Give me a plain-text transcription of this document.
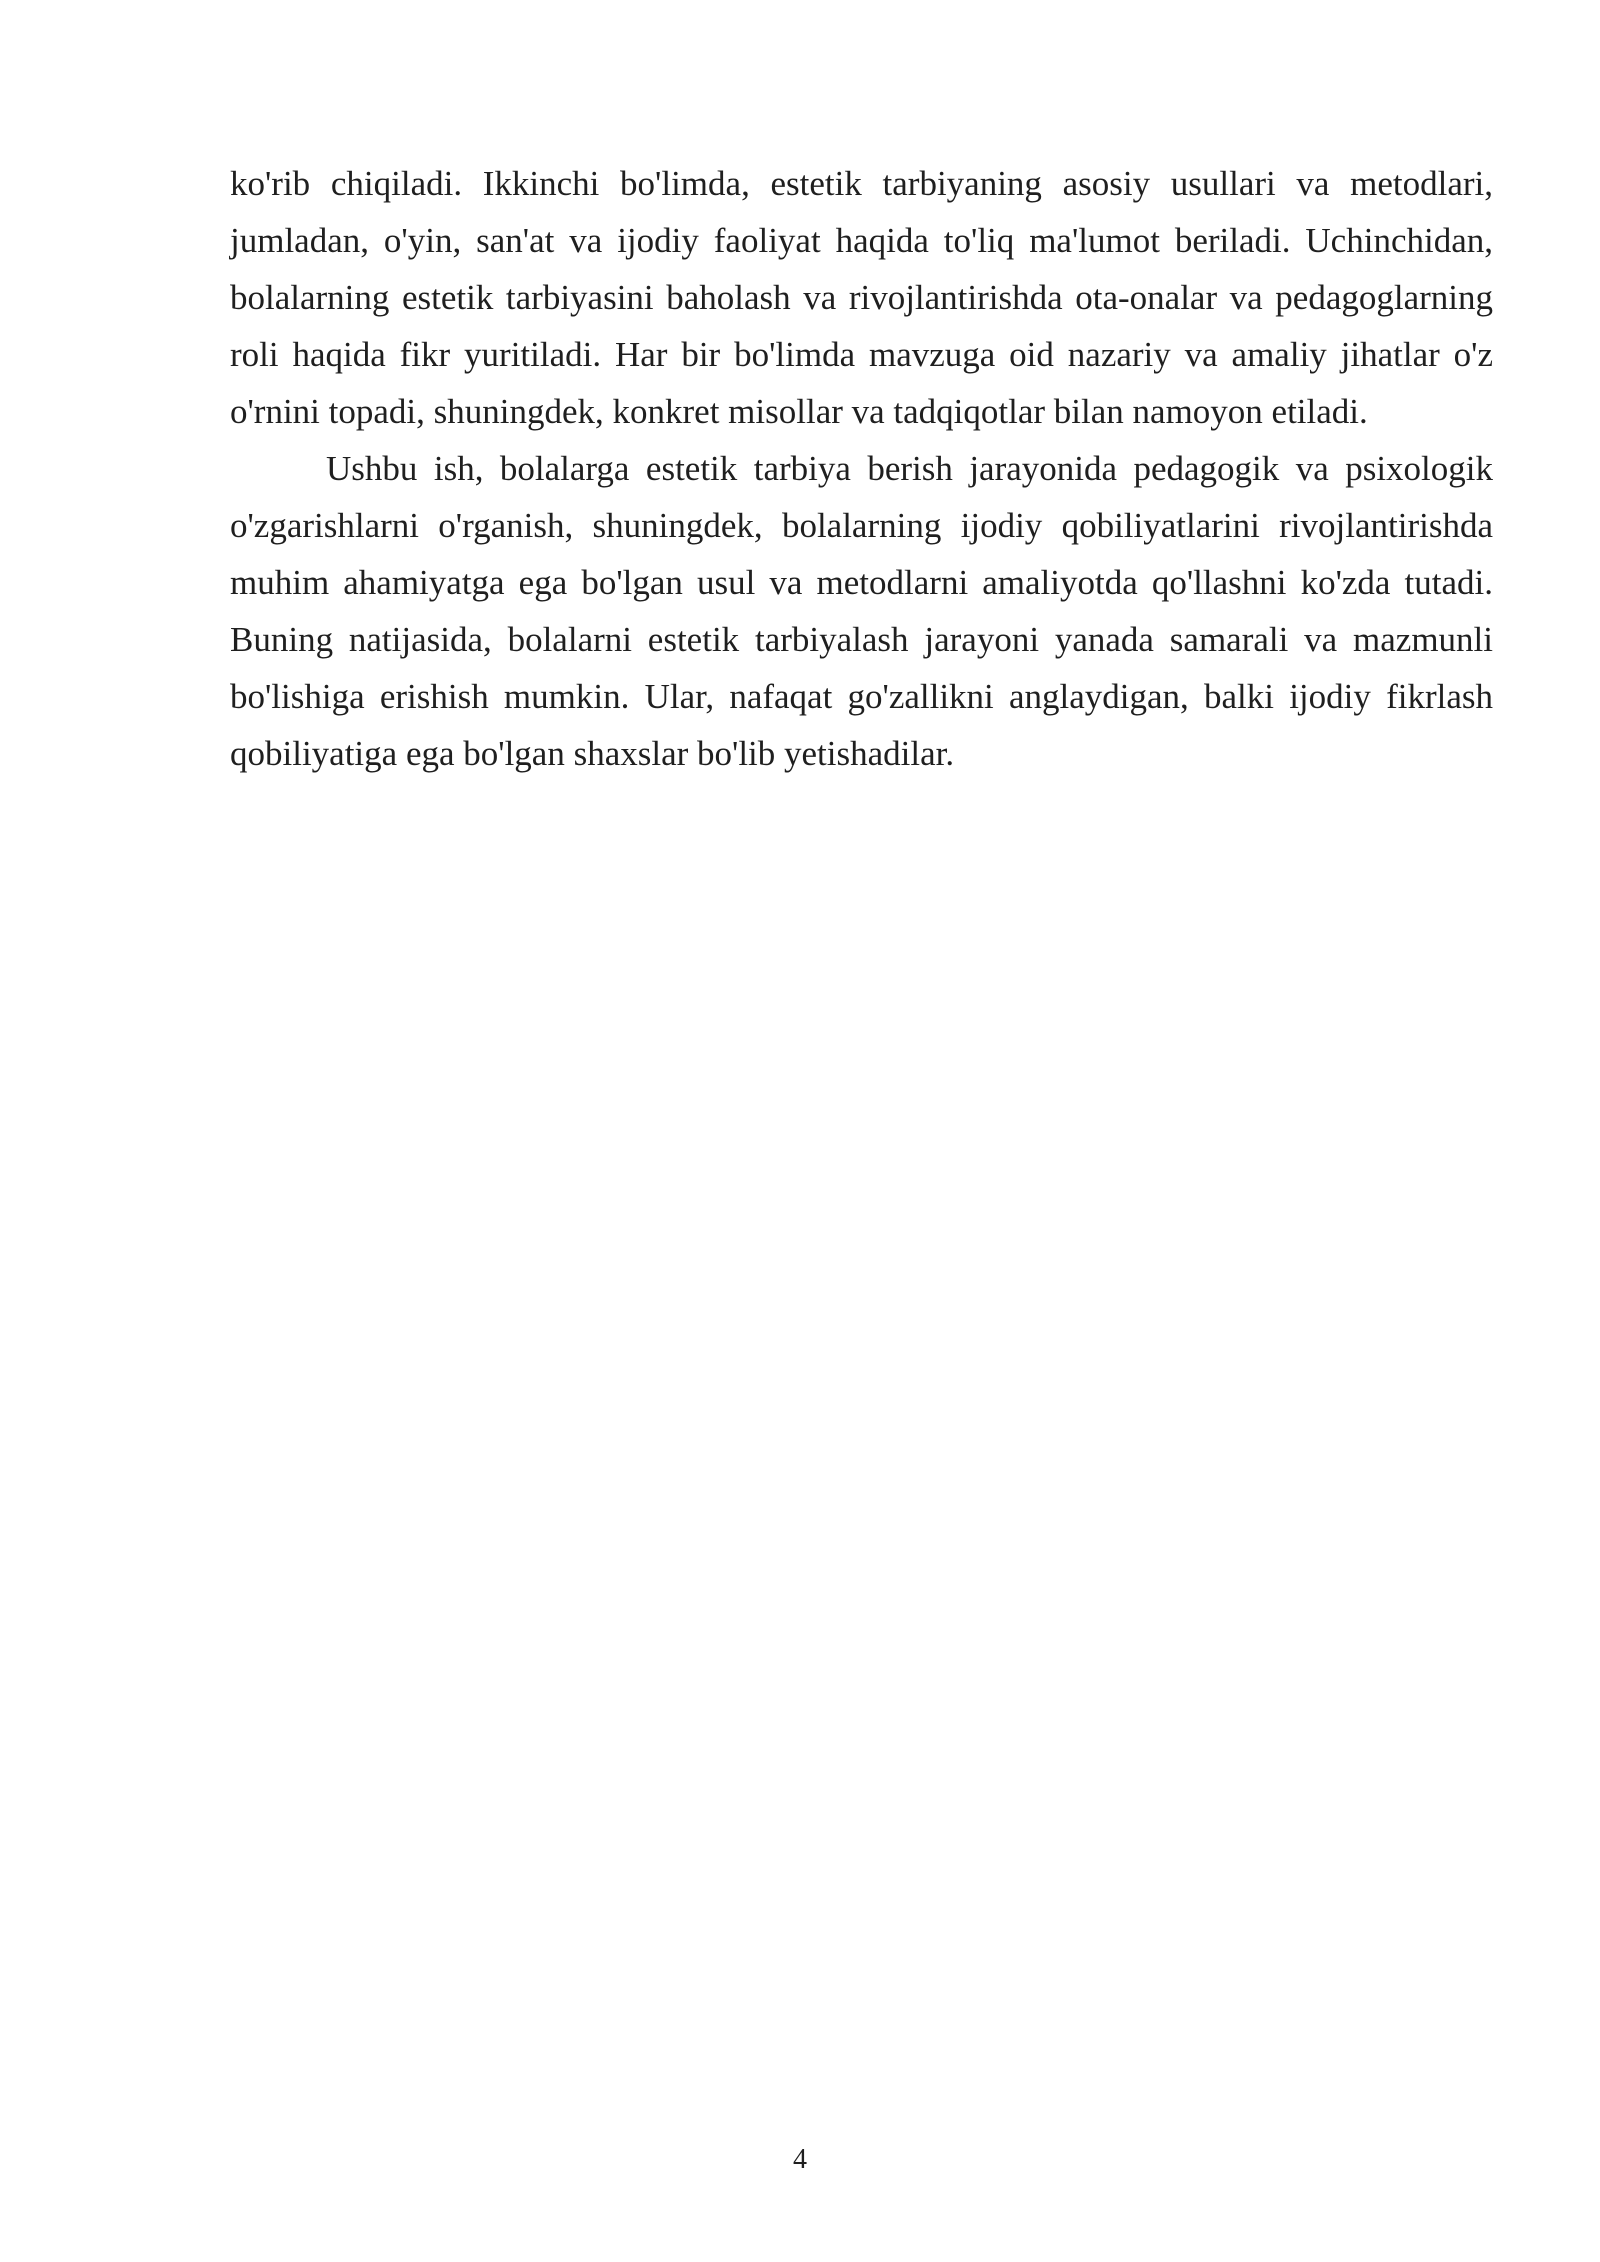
ko'rib chiqiladi. Ikkinchi bo'limda, estetik tarbiyaning asosiy usullari va metodlari, jumladan, o'yin, san'at va ijodiy faoliyat haqida to'liq ma'lumot beriladi. Uchinchidan, bolalarning estetik tarbiyasini baholash va rivojlantirishda ota-onalar va pedagoglarning roli haqida fikr yuritiladi. Har bir bo'limda mavzuga oid nazariy va amaliy jihatlar o'z o'rnini topadi, shuningdek, konkret misollar va tadqiqotlar bilan namoyon etiladi.

Ushbu ish, bolalarga estetik tarbiya berish jarayonida pedagogik va psixologik o'zgarishlarni o'rganish, shuningdek, bolalarning ijodiy qobiliyatlarini rivojlantirishda muhim ahamiyatga ega bo'lgan usul va metodlarni amaliyotda qo'llashni ko'zda tutadi. Buning natijasida, bolalarni estetik tarbiyalash jarayoni yanada samarali va mazmunli bo'lishiga erishish mumkin. Ular, nafaqat go'zallikni anglaydigan, balki ijodiy fikrlash qobiliyatiga ega bo'lgan shaxslar bo'lib yetishadilar.

4
